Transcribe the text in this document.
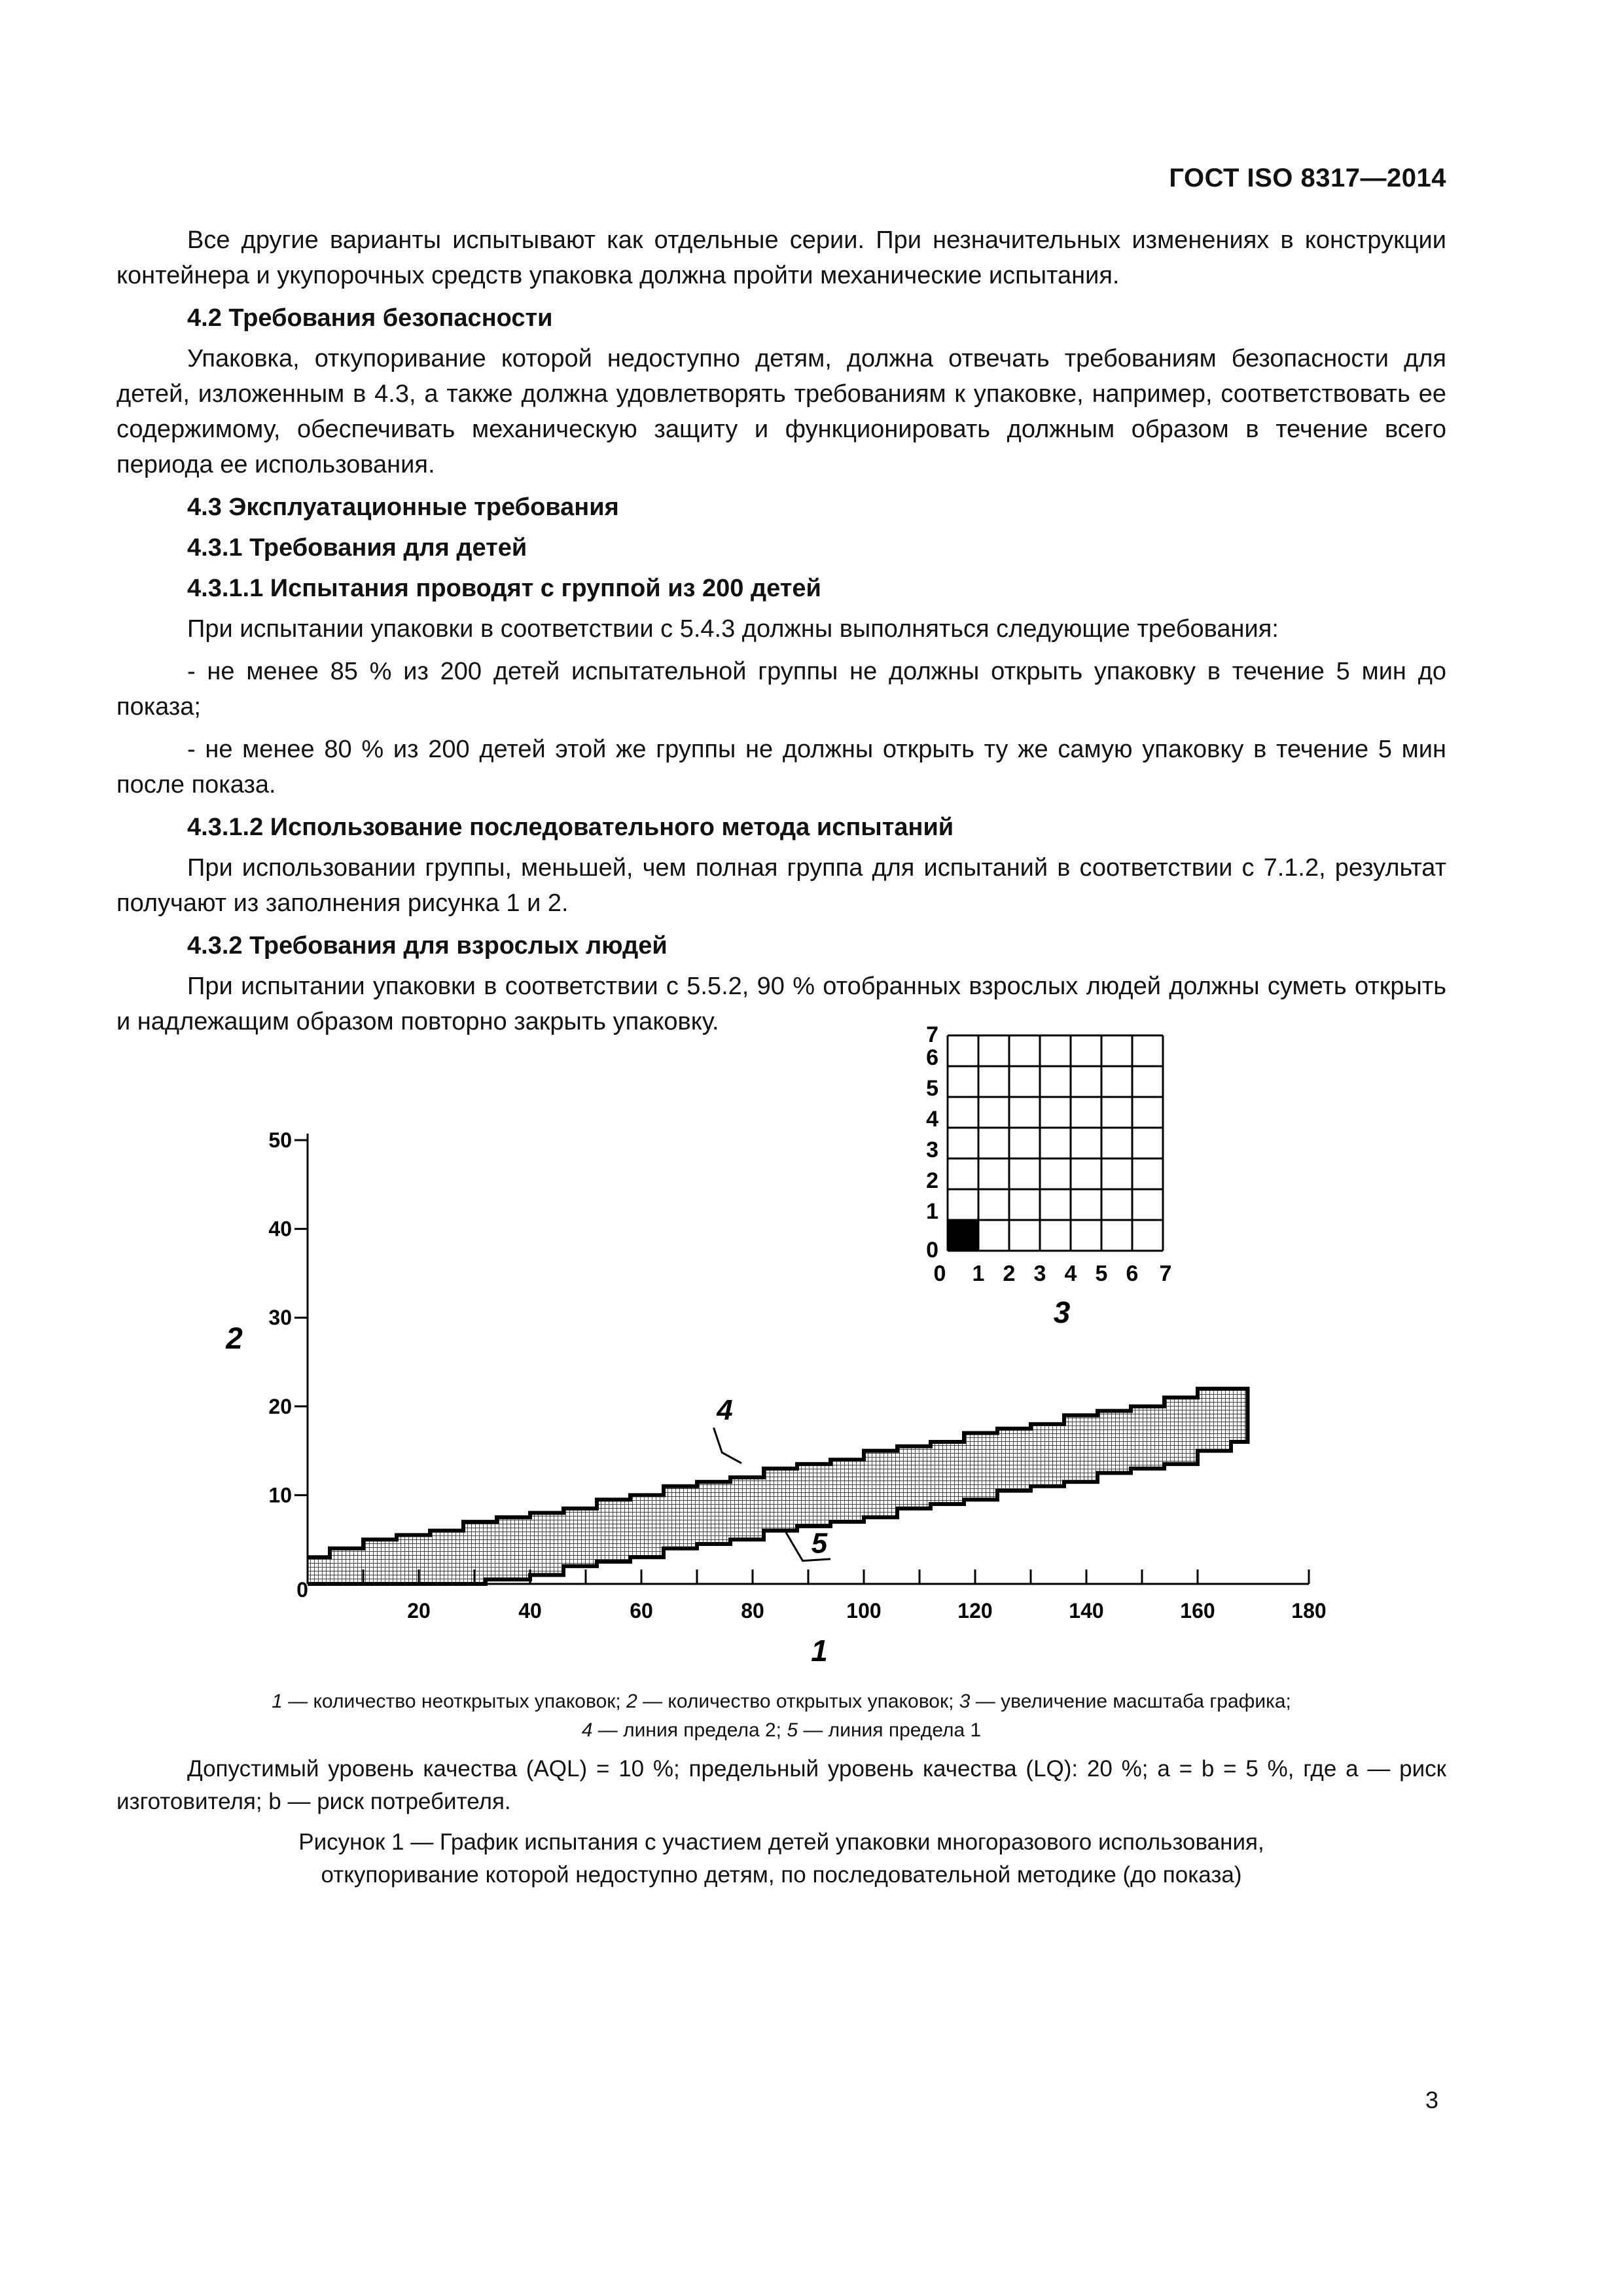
ГОСТ ISO 8317—2014

Все другие варианты испытывают как отдельные серии. При незначительных изменениях в конструкции контейнера и укупорочных средств упаковка должна пройти механические испытания.

4.2 Требования безопасности

Упаковка, откупоривание которой недоступно детям, должна отвечать требованиям безопасности для детей, изложенным в 4.3, а также должна удовлетворять требованиям к упаковке, например, соответствовать ее содержимому, обеспечивать механическую защиту и функционировать должным образом в течение всего периода ее использования.

4.3 Эксплуатационные требования

4.3.1 Требования для детей

4.3.1.1 Испытания проводят с группой из 200 детей

При испытании упаковки в соответствии с 5.4.3 должны выполняться следующие требования:

- не менее 85 % из 200 детей испытательной группы не должны открыть упаковку в течение 5 мин до показа;

- не менее 80 % из 200 детей этой же группы не должны открыть ту же самую упаковку в течение 5 мин после показа.

4.3.1.2 Использование последовательного метода испытаний

При использовании группы, меньшей, чем полная группа для испытаний в соответствии с 7.1.2, результат получают из заполнения рисунка 1 и 2.

4.3.2 Требования для взрослых людей

При испытании упаковки в соответствии с 5.5.2, 90 % отобранных взрослых людей должны суметь открыть и надлежащим образом повторно закрыть упаковку.

0
20	40	60	80	100	120	140	160	180
10
20
30
40
50
1
2
4
5
0
1
2
3
4
5
6
7
0 1 2 3 4 5 6 7
3
1 — количество неоткрытых упаковок; 2 — количество открытых упаковок; 3 — увеличение масштаба графика;
4 — линия предела 2; 5 — линия предела 1
Допустимый уровень качества (AQL) = 10 %; предельный уровень качества (LQ): 20 %; a = b = 5 %, где а — риск изготовителя; b — риск потребителя.
Рисунок 1 — График испытания с участием детей упаковки многоразового использования,
откупоривание которой недоступно детям, по последовательной методике (до показа)
3
